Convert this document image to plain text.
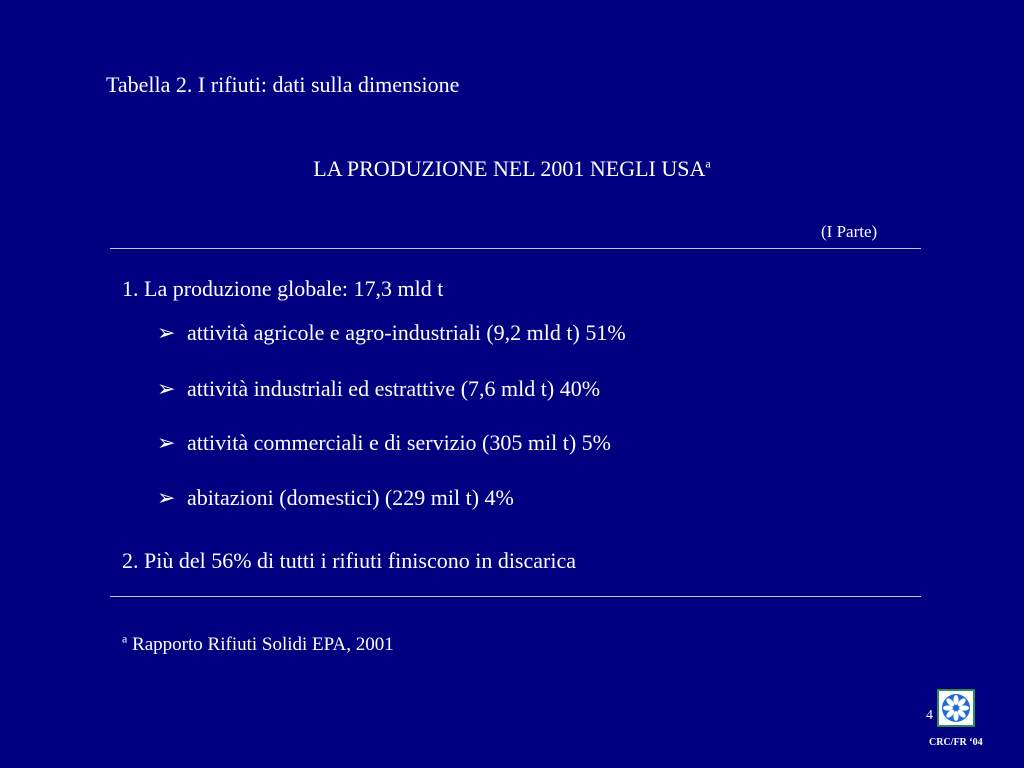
Tabella 2. I rifiuti: dati sulla dimensione
LA PRODUZIONE NEL 2001 NEGLI USA$^a$
(I Parte)
1. La produzione globale: 17,3 mld t
➢ attività agricole e agro-industriali (9,2 mld t) 51%
➢ attività industriali ed estrattive (7,6 mld t) 40%
➢ attività commerciali e di servizio (305 mil t) 5%
➢ abitazioni (domestici) (229 mil t) 4%
2. Più del 56% di tutti i rifiuti finiscono in discarica
$^a$ Rapporto Rifiuti Solidi EPA, 2001
4
CRC/FR ‘04
